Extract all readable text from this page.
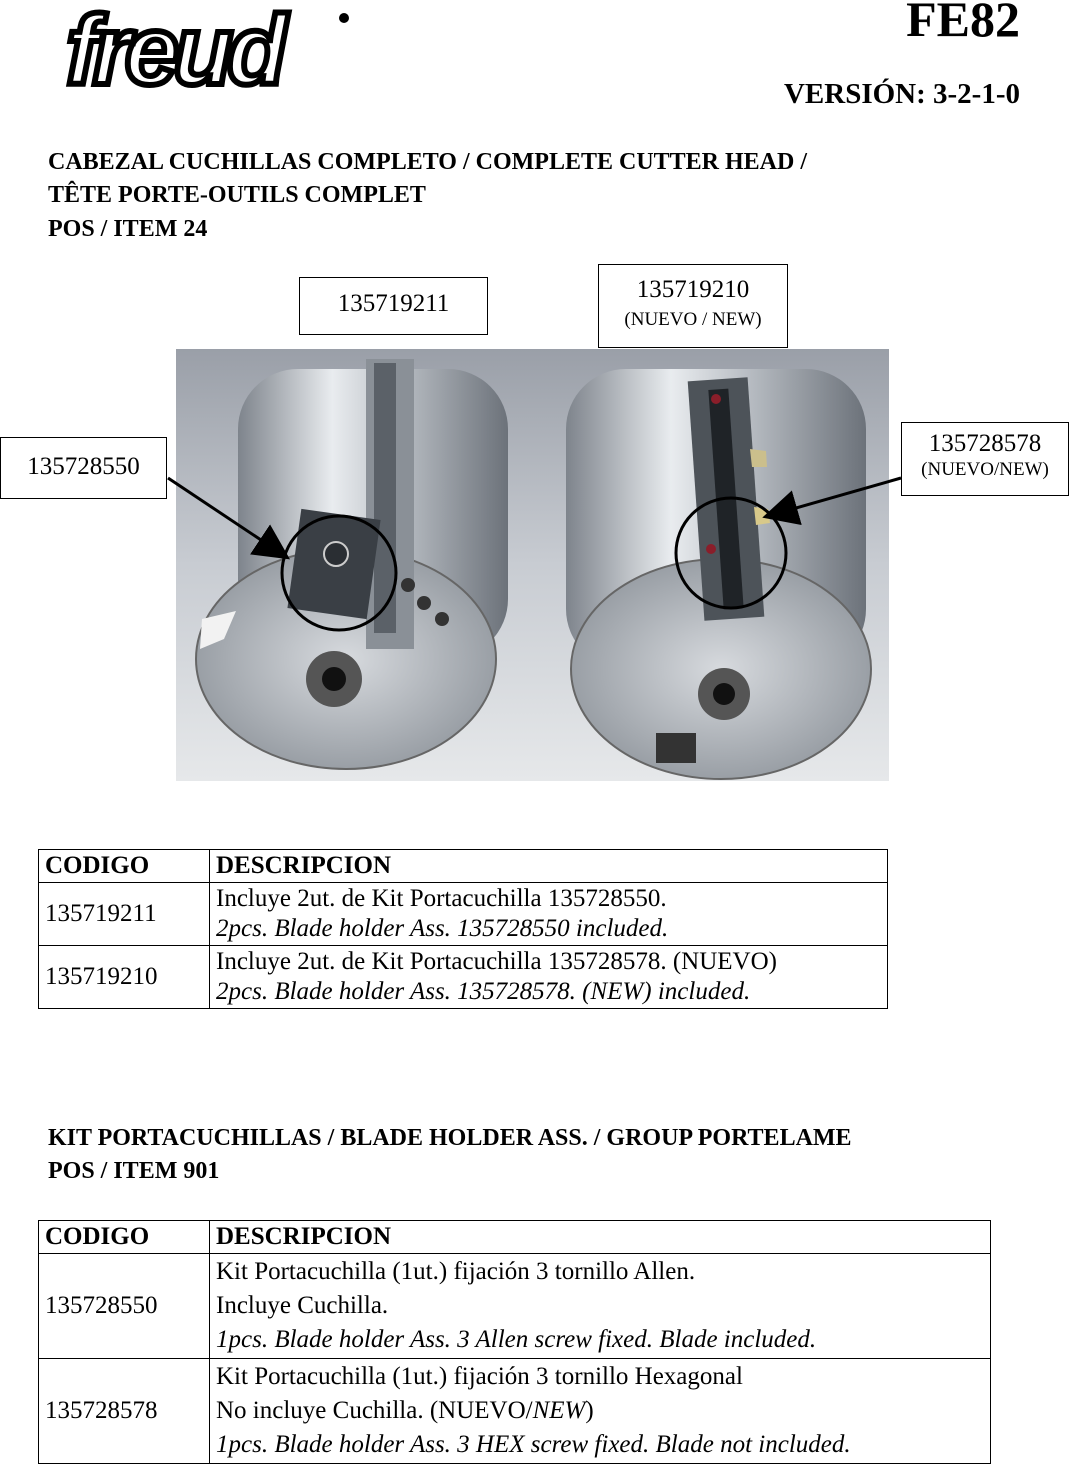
freud	FE82
VERSIÓN: 3-2-1-0
CABEZAL CUCHILLAS COMPLETO / COMPLETE CUTTER HEAD /
TÊTE PORTE-OUTILS COMPLET
POS / ITEM 24
135719211
135719210
(NUEVO / NEW)
135728550
135728578
(NUEVO/NEW)
CODIGO	DESCRIPCION
135719211	Incluye 2ut. de Kit Portacuchilla 135728550.
2pcs. Blade holder Ass. 135728550 included.

135719210	Incluye 2ut. de Kit Portacuchilla 135728578. (NUEVO)
2pcs. Blade holder Ass. 135728578. (NEW) included.
KIT PORTACUCHILLAS / BLADE HOLDER ASS. / GROUP PORTELAME
POS / ITEM 901
CODIGO	DESCRIPCION
135728550	Kit Portacuchilla (1ut.) fijación 3 tornillo Allen.
Incluye Cuchilla.
1pcs. Blade holder Ass. 3 Allen screw fixed. Blade included.

135728578	Kit Portacuchilla (1ut.) fijación 3 tornillo Hexagonal
No incluye Cuchilla. (NUEVO/NEW)
1pcs. Blade holder Ass. 3 HEX screw fixed. Blade not included.
